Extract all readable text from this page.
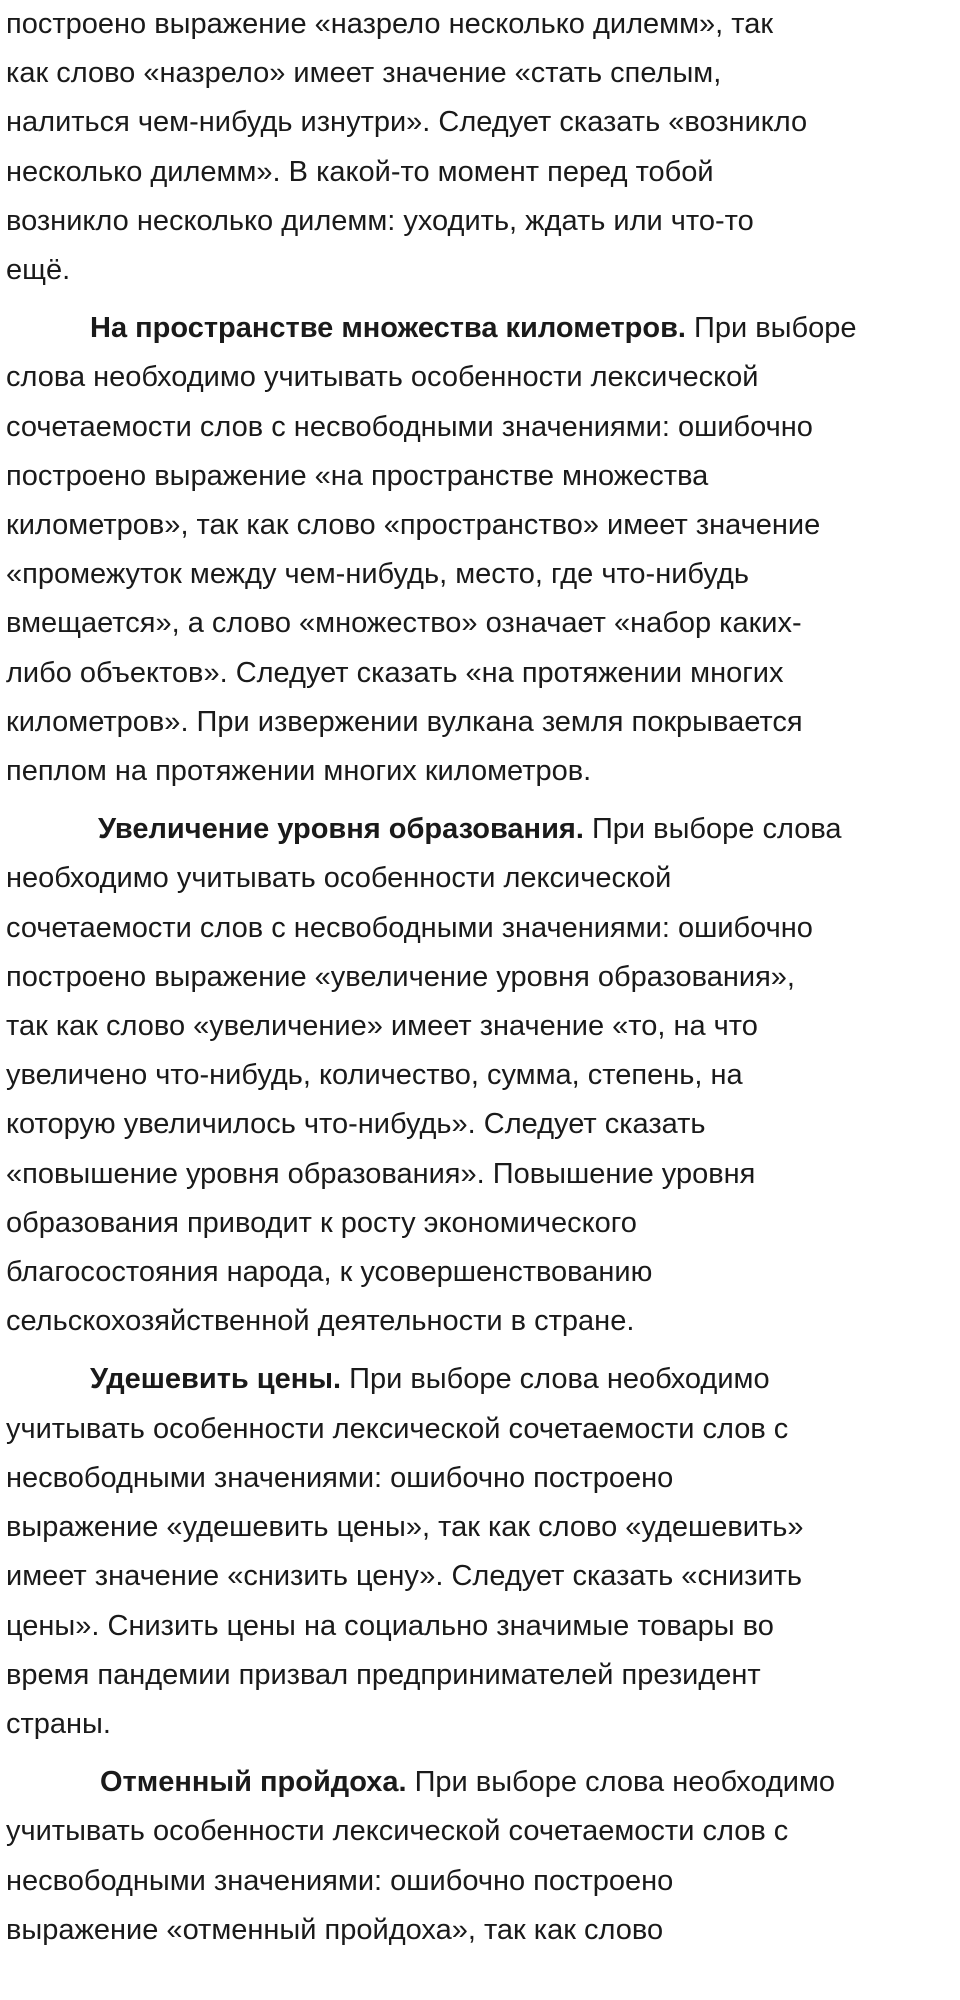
построено выражение «назрело несколько дилемм», так
как слово «назрело» имеет значение «стать спелым,
налиться чем-нибудь изнутри». Следует сказать «возникло
несколько дилемм». В какой-то момент перед тобой
возникло несколько дилемм: уходить, ждать или что-то
ещё.
На пространстве множества километров. При выборе
слова необходимо учитывать особенности лексической
сочетаемости слов с несвободными значениями: ошибочно
построено выражение «на пространстве множества
километров», так как слово «пространство» имеет значение
«промежуток между чем-нибудь, место, где что-нибудь
вмещается», а слово «множество» означает «набор каких-
либо объектов». Следует сказать «на протяжении многих
километров». При извержении вулкана земля покрывается
пеплом на протяжении многих километров.
Увеличение уровня образования. При выборе слова
необходимо учитывать особенности лексической
сочетаемости слов с несвободными значениями: ошибочно
построено выражение «увеличение уровня образования»,
так как слово «увеличение» имеет значение «то, на что
увеличено что-нибудь, количество, сумма, степень, на
которую увеличилось что-нибудь». Следует сказать
«повышение уровня образования». Повышение уровня
образования приводит к росту экономического
благосостояния народа, к усовершенствованию
сельскохозяйственной деятельности в стране.
Удешевить цены. При выборе слова необходимо
учитывать особенности лексической сочетаемости слов с
несвободными значениями: ошибочно построено
выражение «удешевить цены», так как слово «удешевить»
имеет значение «снизить цену». Следует сказать «снизить
цены». Снизить цены на социально значимые товары во
время пандемии призвал предпринимателей президент
страны.
Отменный пройдоха. При выборе слова необходимо
учитывать особенности лексической сочетаемости слов с
несвободными значениями: ошибочно построено
выражение «отменный пройдоха», так как слово
